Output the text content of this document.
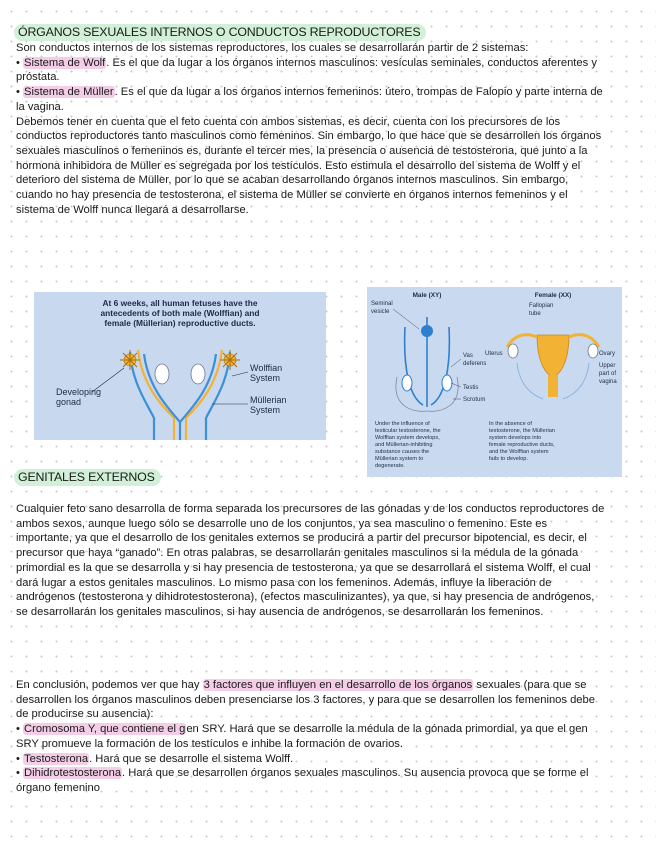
ÓRGANOS SEXUALES INTERNOS O CONDUCTOS REPRODUCTORES

Son conductos internos de los sistemas reproductores, los cuales se desarrollarán partir de 2 sistemas:

• Sistema de Wolf. Es el que da lugar a los órganos internos masculinos: vesículas seminales, conductos aferentes y próstata.

• Sistema de Müller. Es el que da lugar a los órganos internos femeninos: útero, trompas de Falopio y parte interna de la vagina.

Debemos tener en cuenta que el feto cuenta con ambos sistemas, es decir, cuenta con los precursores de los conductos reproductores tanto masculinos como femeninos. Sin embargo, lo que hace que se desarrollen los órganos sexuales masculinos o femeninos es, durante el tercer mes, la presencia o ausencia de testosterona, que junto a la

hormona inhibidora de Müller es segregada por los testículos. Esto estimula el desarrollo del sistema de Wolff y el deterioro del sistema de Müller, por lo que se acaban desarrollando órganos internos masculinos. Sin embargo, cuando no hay presencia de testosterona, el sistema de Müller se convierte en órganos internos femeninos y el sistema de Wolff nunca llegará a desarrollarse.

At 6 weeks, all human fetuses have the
antecedents of both male (Wolffian) and
female (Müllerian) reproductive ducts.
Developing
gonad
Wolffian
System
Müllerian
System
Male (XY)	Female (XX)
Seminal
vesicle
Fallopian
tube
Uterus	Ovary
Vas
deferens	Upper
part of
vagina
Testis
Scrotum
Under the influence of
testicular testosterone, the
Wolffian system develops,
and Müllerian-inhibiting
substance causes the
Müllerian system to
degenerate.
In the absence of
testosterone, the Müllerian
system develops into
female reproductive ducts,
and the Wolffian system
fails to develop.
GENITALES EXTERNOS

Cualquier feto sano desarrolla de forma separada los precursores de las gónadas y de los conductos reproductores de ambos sexos, aunque luego sólo se desarrolle uno de los conjuntos, ya sea masculino o femenino. Este es importante, ya que el desarrollo de los genitales externos se producirá a partir del precursor bipotencial, es decir, el precursor que haya “ganado”. En otras palabras, se desarrollarán genitales masculinos si la médula de la gónada primordial es la que se desarrolla y si hay presencia de testosterona, ya que se desarrollará el sistema Wolff, el cual dará lugar a estos genitales masculinos. Lo mismo pasa con los femeninos. Además, influye la liberación de andrógenos (testosterona y dihidrotestosterona), (efectos masculinizantes), ya que, si hay presencia de andrógenos, se desarrollarán los genitales masculinos, si hay ausencia de andrógenos, se desarrollarán los femeninos.

En conclusión, podemos ver que hay 3 factores que influyen en el desarrollo de los órganos sexuales (para que se desarrollen los órganos masculinos deben presenciarse los 3 factores, y para que se desarrollen los femeninos debe de producirse su ausencia):

• Cromosoma Y, que contiene el gen SRY. Hará que se desarrolle la médula de la gónada primordial, ya que el gen SRY promueve la formación de los testículos e inhibe la formación de ovarios.

• Testosterona. Hará que se desarrolle el sistema Wolff.

• Dihidrotestosterona. Hará que se desarrollen órganos sexuales masculinos. Su ausencia provoca que se forme el órgano femenino
